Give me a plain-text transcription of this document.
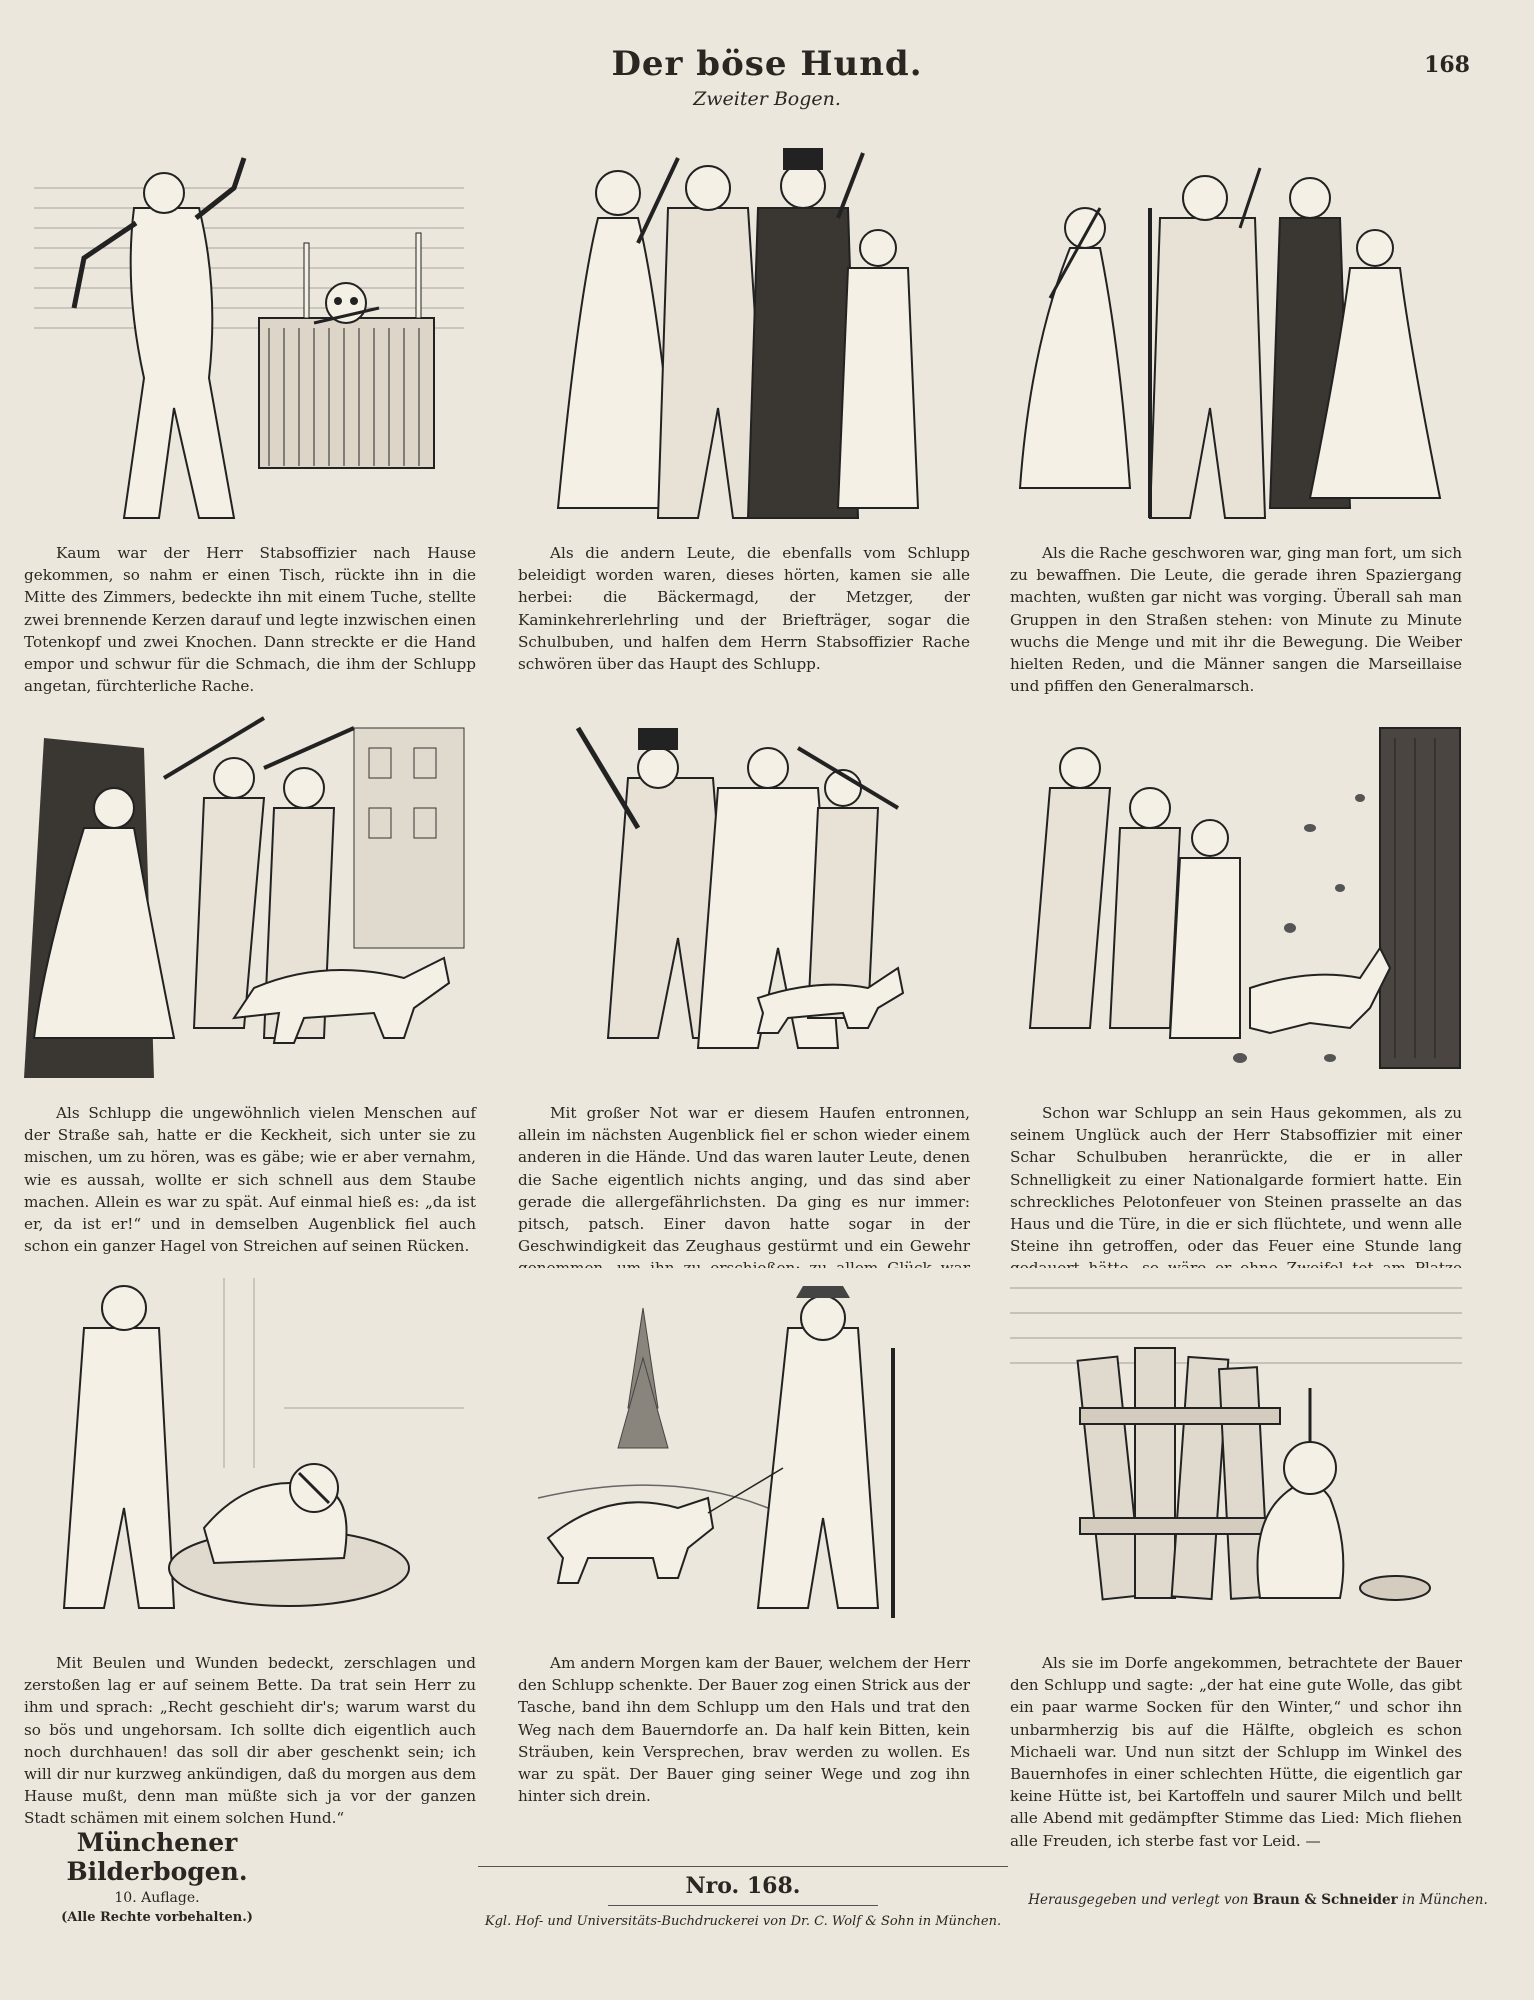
168
Der böse Hund.
Zweiter Bogen.
Kaum war der Herr Stabsoffizier nach Hause gekommen, so nahm er einen Tisch, rückte ihn in die Mitte des Zimmers, bedeckte ihn mit einem Tuche, stellte zwei brennende Kerzen darauf und legte inzwischen einen Totenkopf und zwei Knochen. Dann streckte er die Hand empor und schwur für die Schmach, die ihm der Schlupp angetan, fürchterliche Rache.
Als die andern Leute, die ebenfalls vom Schlupp beleidigt worden waren, dieses hörten, kamen sie alle herbei: die Bäckermagd, der Metzger, der Kaminkehrerlehrling und der Briefträger, sogar die Schulbuben, und halfen dem Herrn Stabsoffizier Rache schwören über das Haupt des Schlupp.
Als die Rache geschworen war, ging man fort, um sich zu bewaffnen. Die Leute, die gerade ihren Spaziergang machten, wußten gar nicht was vorging. Überall sah man Gruppen in den Straßen stehen: von Minute zu Minute wuchs die Menge und mit ihr die Bewegung. Die Weiber hielten Reden, und die Männer sangen die Marseillaise und pfiffen den Generalmarsch.
Als Schlupp die ungewöhnlich vielen Menschen auf der Straße sah, hatte er die Keckheit, sich unter sie zu mischen, um zu hören, was es gäbe; wie er aber vernahm, wie es aussah, wollte er sich schnell aus dem Staube machen. Allein es war zu spät. Auf einmal hieß es: „da ist er, da ist er!“ und in demselben Augenblick fiel auch schon ein ganzer Hagel von Streichen auf seinen Rücken.
Mit großer Not war er diesem Haufen entronnen, allein im nächsten Augenblick fiel er schon wieder einem anderen in die Hände. Und das waren lauter Leute, denen die Sache eigentlich nichts anging, und das sind aber gerade die allergefährlichsten. Da ging es nur immer: pitsch, patsch. Einer davon hatte sogar in der Geschwindigkeit das Zeughaus gestürmt und ein Gewehr
Schon war Schlupp an sein Haus gekommen, als zu seinem Unglück auch der Herr Stabsoffizier mit einer Schar Schulbuben heranrückte, die er in aller Schnelligkeit zu einer Nationalgarde formiert hatte. Ein schreckliches Pelotonfeuer von Steinen prasselte an das Haus und die Türe, in die er sich flüchtete, und wenn alle Steine ihn getroffen, oder das Feuer eine Stunde lang
Mit Beulen und Wunden bedeckt, zerschlagen und zerstoßen lag er auf seinem Bette. Da trat sein Herr zu ihm und sprach: „Recht geschieht dir's; warum warst du so bös und ungehorsam. Ich sollte dich eigentlich auch noch durchhauen! das soll dir aber geschenkt sein; ich will dir nur kurzweg ankündigen, daß du morgen aus dem Hause mußt, denn man müßte sich ja vor der ganzen Stadt schämen mit einem solchen Hund.“
Am andern Morgen kam der Bauer, welchem der Herr den Schlupp schenkte. Der Bauer zog einen Strick aus der Tasche, band ihn dem Schlupp um den Hals und trat den Weg nach dem Bauerndorfe an. Da half kein Bitten, kein Sträuben, kein Versprechen, brav werden zu wollen. Es war zu spät. Der Bauer ging seiner Wege und zog ihn hinter sich drein.
Als sie im Dorfe angekommen, betrachtete der Bauer den Schlupp und sagte: „der hat eine gute Wolle, das gibt ein paar warme Socken für den Winter,“ und schor ihn unbarmherzig bis auf die Hälfte, obgleich es schon Michaeli war. Und nun sitzt der Schlupp im Winkel des Bauernhofes in einer schlechten Hütte, die eigentlich gar keine Hütte ist, bei Kartoffeln und saurer Milch und bellt alle Abend mit gedämpfter Stimme das Lied: Mich fliehen alle Freuden, ich sterbe fast vor Leid. —
Münchener Bilderbogen.
10. Auflage.
(Alle Rechte vorbehalten.)
Nro. 168.
Kgl. Hof- und Universitäts-Buchdruckerei von Dr. C. Wolf & Sohn in München.
Herausgegeben und verlegt von Braun & Schneider in München.
